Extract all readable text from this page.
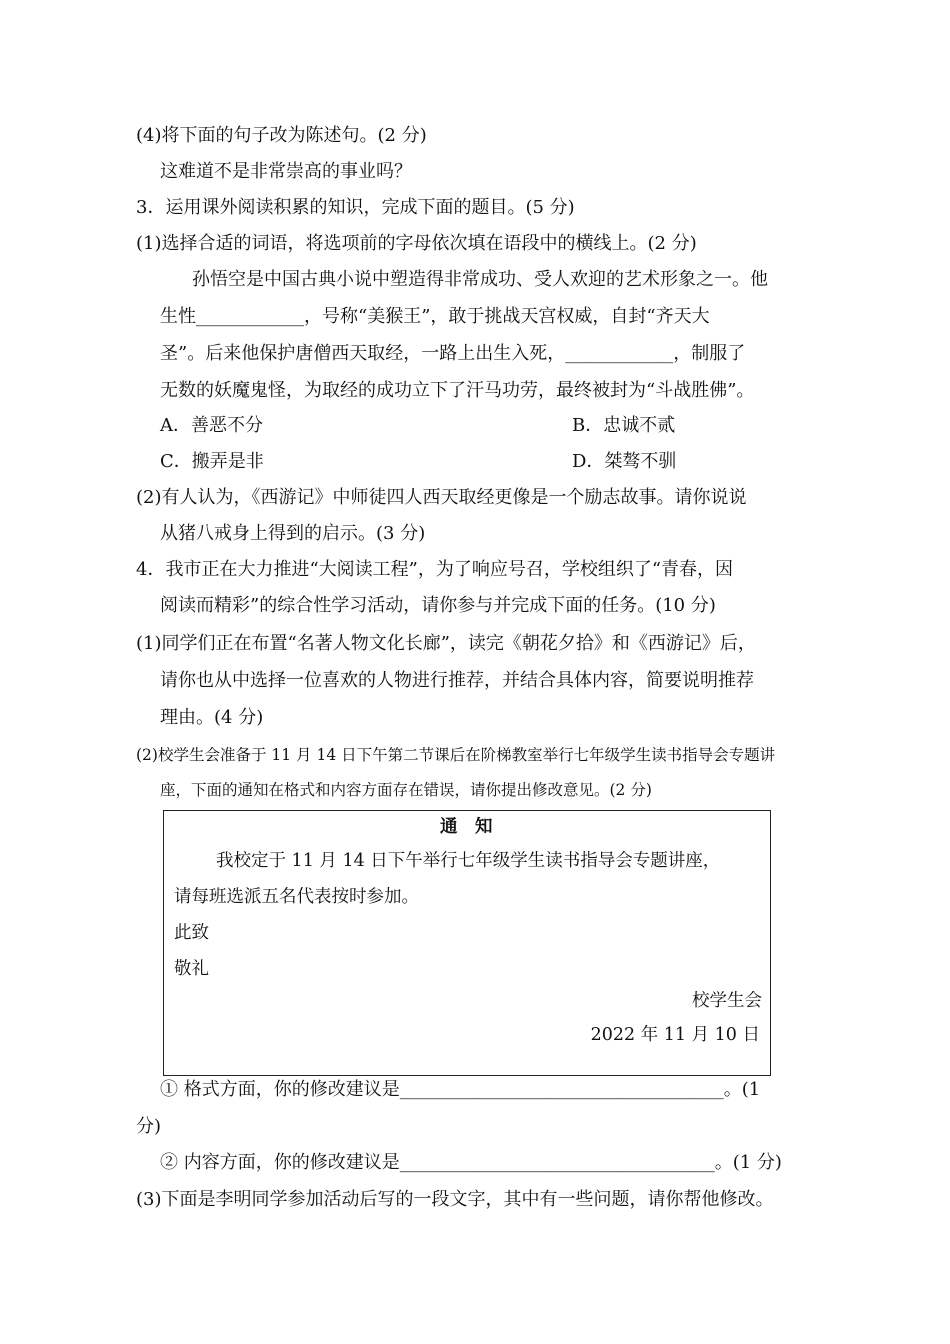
(4)将下面的句子改为陈述句。(2 分)
这难道不是非常崇高的事业吗？
3．运用课外阅读积累的知识，完成下面的题目。(5 分)
(1)选择合适的词语，将选项前的字母依次填在语段中的横线上。(2 分)
孙悟空是中国古典小说中塑造得非常成功、受人欢迎的艺术形象之一。他
生性____________，号称“美猴王”，敢于挑战天宫权威，自封“齐天大
圣”。后来他保护唐僧西天取经，一路上出生入死，____________，制服了
无数的妖魔鬼怪，为取经的成功立下了汗马功劳，最终被封为“斗战胜佛”。
A．善恶不分	B．忠诚不贰
C．搬弄是非	D．桀骜不驯
(2)有人认为，《西游记》中师徒四人西天取经更像是一个励志故事。请你说说
从猪八戒身上得到的启示。(3 分)
4．我市正在大力推进“大阅读工程”，为了响应号召，学校组织了“青春，因
阅读而精彩”的综合性学习活动，请你参与并完成下面的任务。(10 分)
(1)同学们正在布置“名著人物文化长廊”，读完《朝花夕拾》和《西游记》后，
请你也从中选择一位喜欢的人物进行推荐，并结合具体内容，简要说明推荐
理由。(4 分)
(2)校学生会准备于 11 月 14 日下午第二节课后在阶梯教室举行七年级学生读书指导会专题讲
座，下面的通知在格式和内容方面存在错误，请你提出修改意见。(2 分)
通　知
我校定于 11 月 14 日下午举行七年级学生读书指导会专题讲座，
请每班选派五名代表按时参加。
此致
敬礼
校学生会
2022 年 11 月 10 日
① 格式方面，你的修改建议是____________________________________。(1
分)
② 内容方面，你的修改建议是___________________________________。(1 分)
(3)下面是李明同学参加活动后写的一段文字，其中有一些问题，请你帮他修改。
